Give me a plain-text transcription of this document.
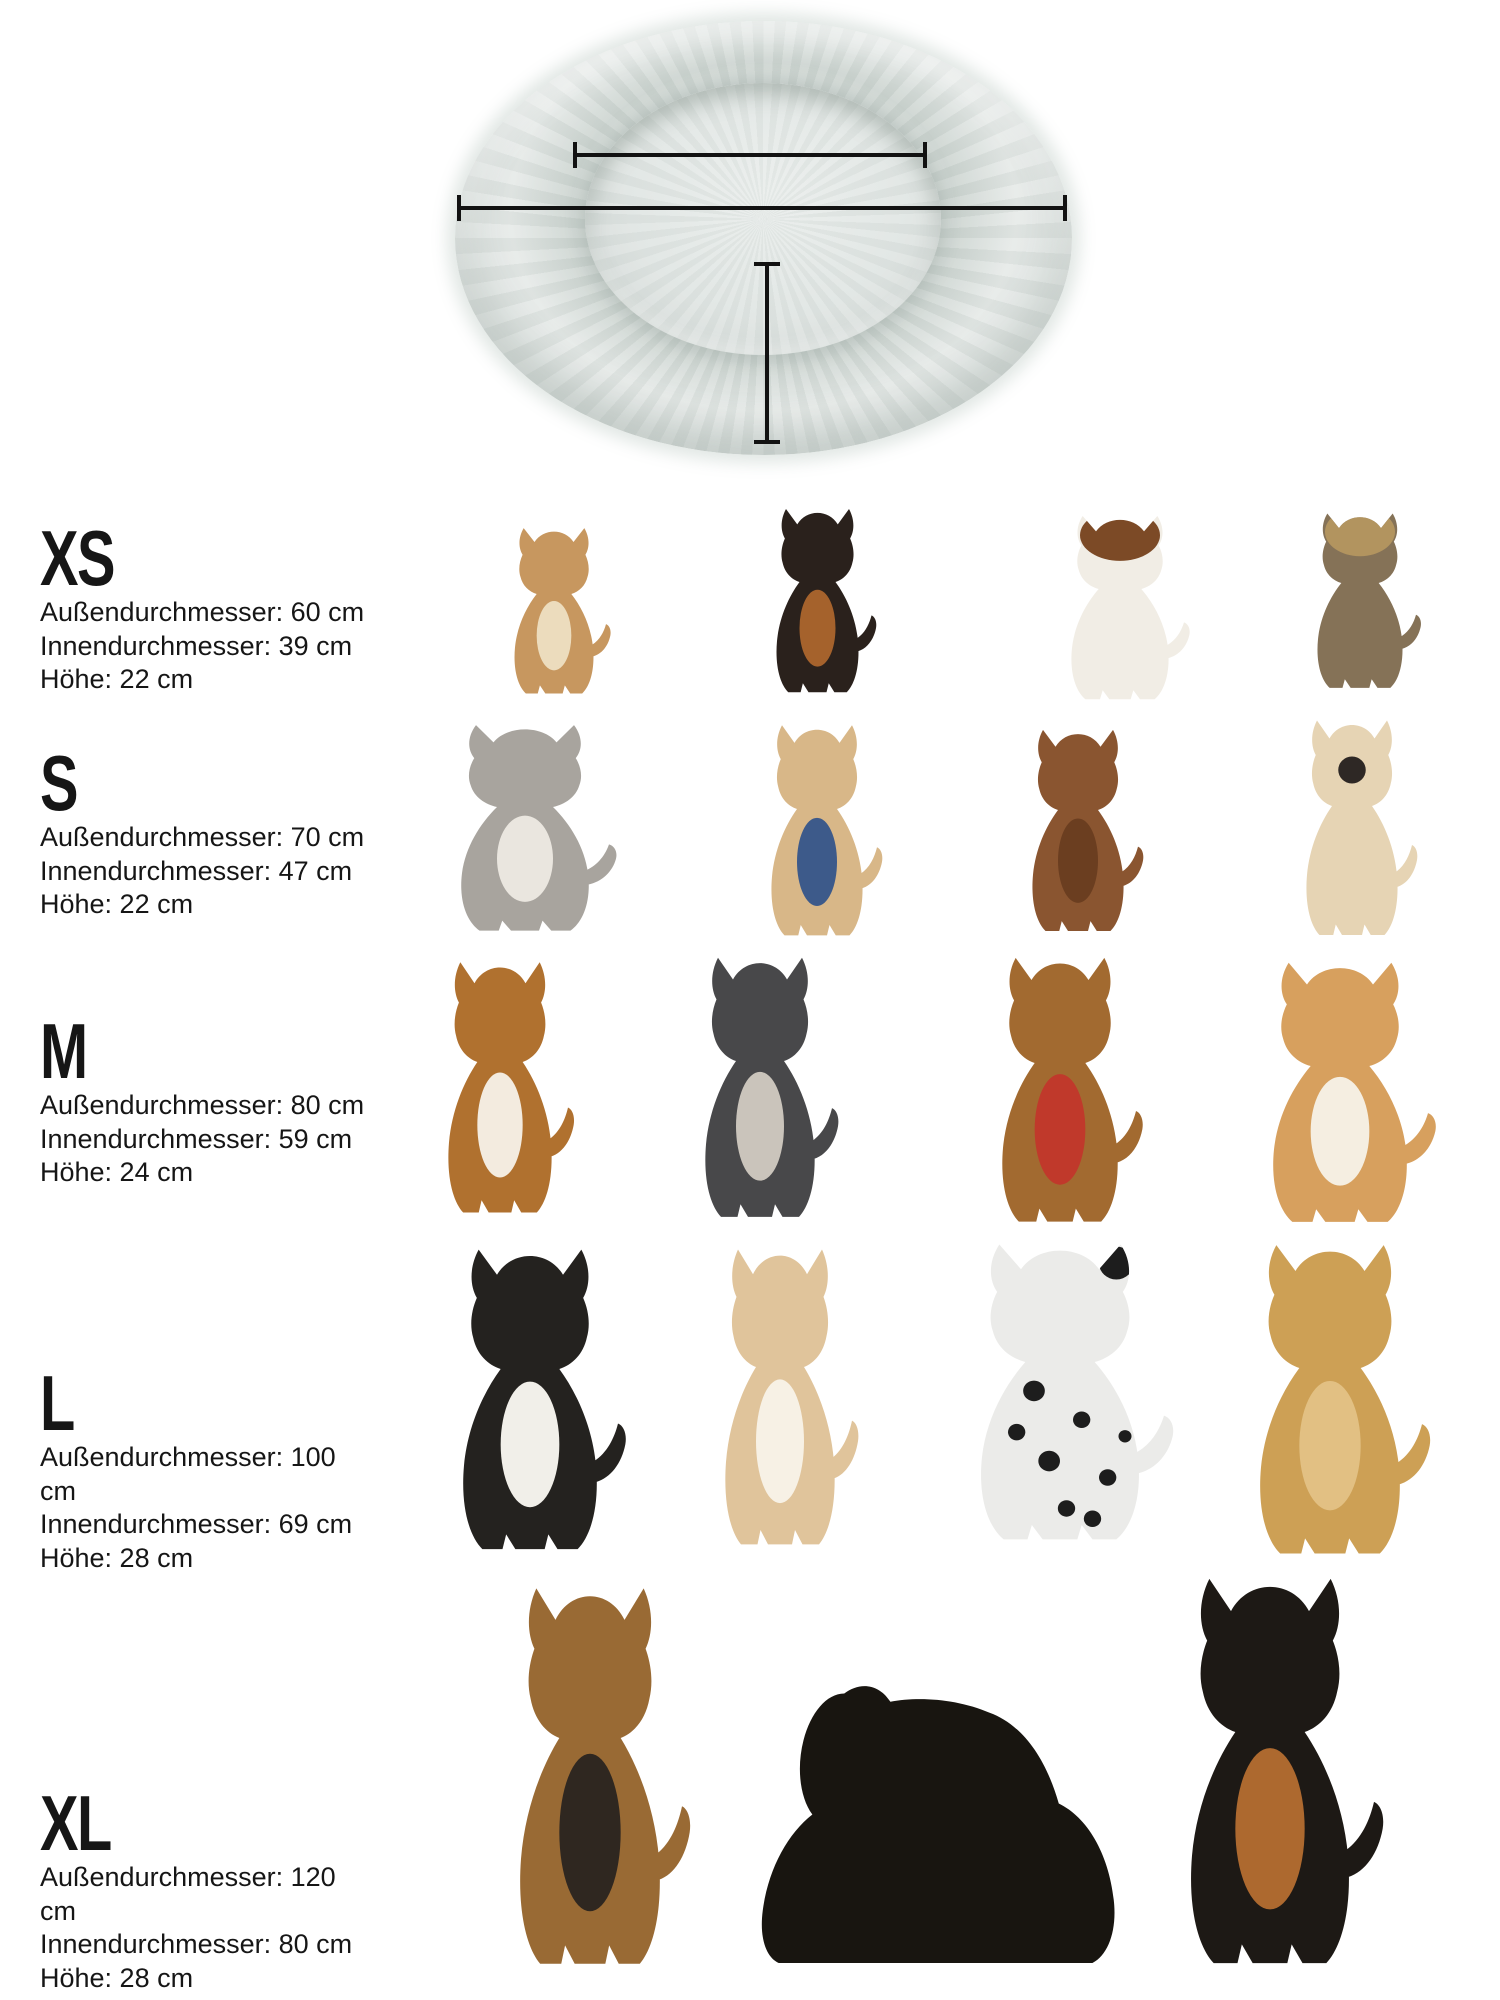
XS
Außendurchmesser: 60 cm
Innendurchmesser: 39 cm
Höhe: 22 cm
S
Außendurchmesser: 70 cm
Innendurchmesser: 47 cm
Höhe: 22 cm
M
Außendurchmesser: 80 cm
Innendurchmesser: 59 cm
Höhe: 24 cm
L
Außendurchmesser: 100 cm
Innendurchmesser: 69 cm
Höhe: 28 cm
XL
Außendurchmesser: 120 cm
Innendurchmesser: 80 cm
Höhe: 28 cm
